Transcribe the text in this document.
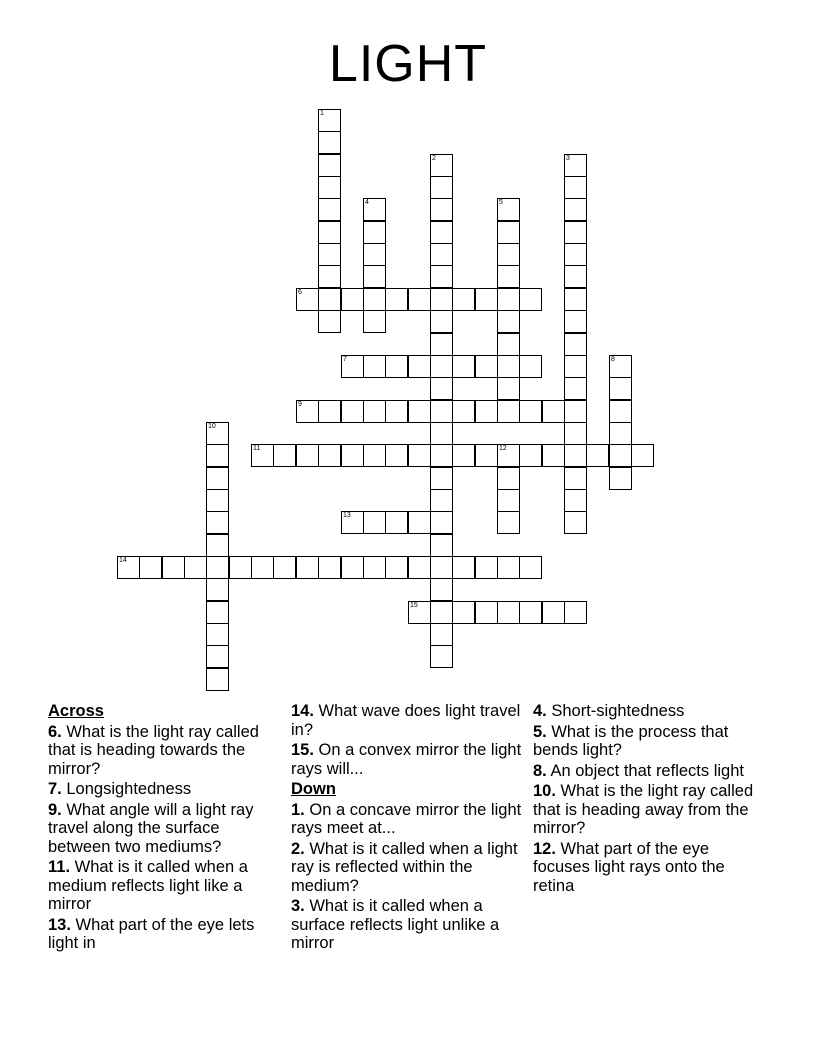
LIGHT
6
7
9
11	12
13
14
15
1
2	3
4	5
8
10
Across
6. What is the light ray called that is heading towards the mirror?
7. Longsightedness
9. What angle will a light ray travel along the surface between two mediums?
11. What is it called when a medium reflects light like a mirror
13. What part of the eye lets light in
14. What wave does light travel in?
15. On a convex mirror the light rays will...
Down
1. On a concave mirror the light rays meet at...
2. What is it called when a light ray is reflected within the medium?
3. What is it called when a surface reflects light unlike a mirror
4. Short-sightedness
5. What is the process that bends light?
8. An object that reflects light
10. What is the light ray called that is heading away from the mirror?
12. What part of the eye focuses light rays onto the retina
